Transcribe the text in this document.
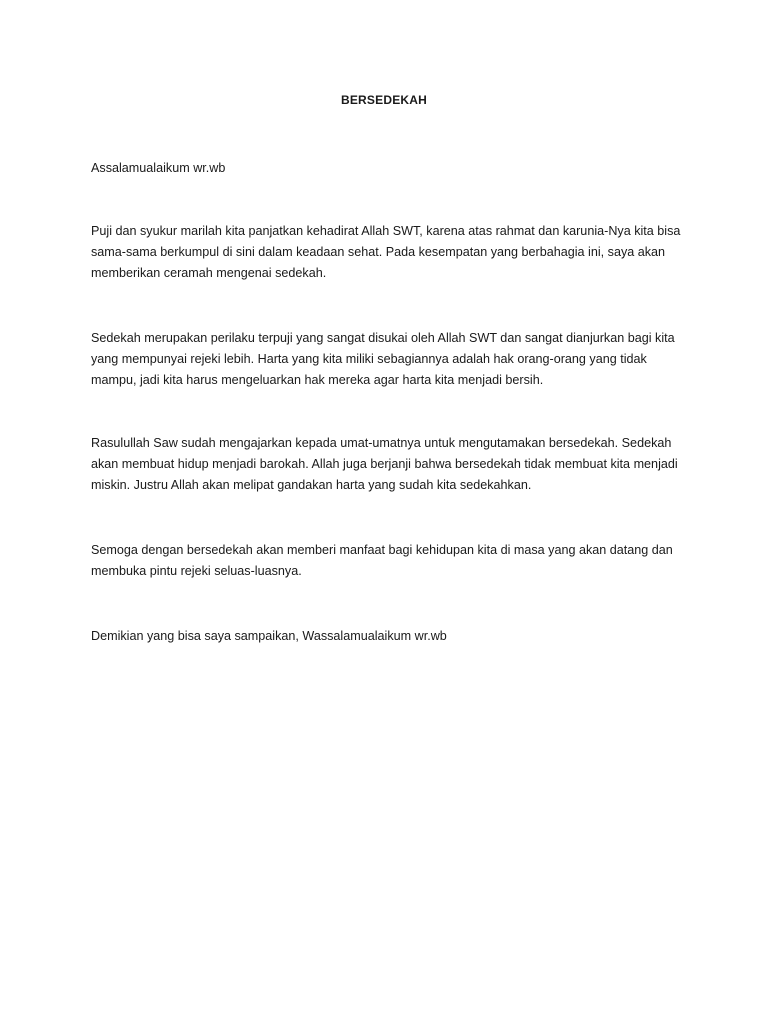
BERSEDEKAH

Assalamualaikum wr.wb

Puji dan syukur marilah kita panjatkan kehadirat Allah SWT, karena atas rahmat dan karunia-Nya kita bisa sama-sama berkumpul di sini dalam keadaan sehat. Pada kesempatan yang berbahagia ini, saya akan memberikan ceramah mengenai sedekah.

Sedekah merupakan perilaku terpuji yang sangat disukai oleh Allah SWT dan sangat dianjurkan bagi kita yang mempunyai rejeki lebih. Harta yang kita miliki sebagiannya adalah hak orang-orang yang tidak mampu, jadi kita harus mengeluarkan hak mereka agar harta kita menjadi bersih.

Rasulullah Saw sudah mengajarkan kepada umat-umatnya untuk mengutamakan bersedekah. Sedekah akan membuat hidup menjadi barokah. Allah juga berjanji bahwa bersedekah tidak membuat kita menjadi miskin. Justru Allah akan melipat gandakan harta yang sudah kita sedekahkan.

Semoga dengan bersedekah akan memberi manfaat bagi kehidupan kita di masa yang akan datang dan membuka pintu rejeki seluas-luasnya.

Demikian yang bisa saya sampaikan, Wassalamualaikum wr.wb
